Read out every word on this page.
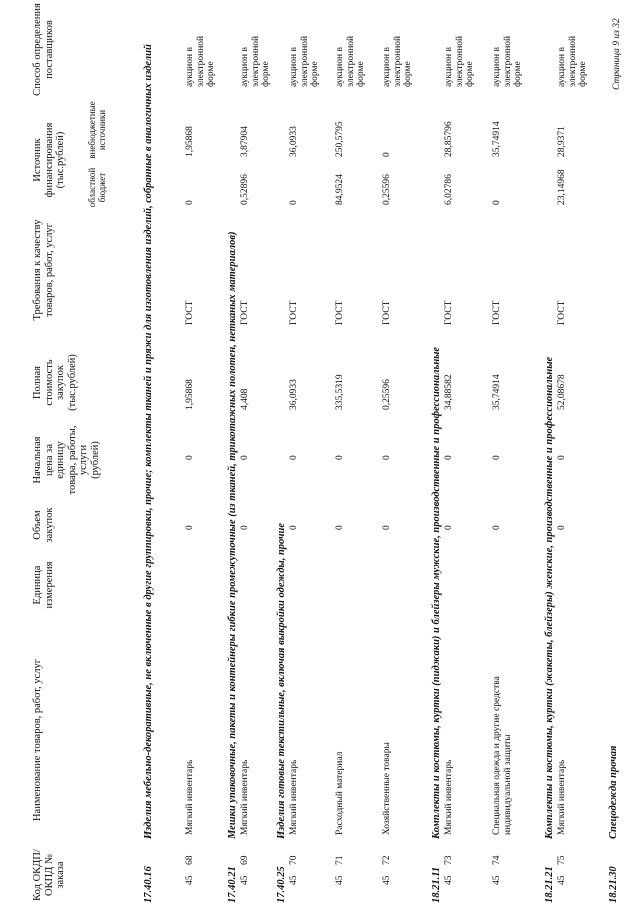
Код ОКДП/ ОКПД № заказа
Наименование товаров, работ, услуг
Единица измерения
Объем закупок
Начальная цена за единицу товара, работы, услуги (рублей)
Полная стоимость закупок (тыс.рублей)
Требования к качеству товаров, работ, услуг
Источник финансирования (тыс.рублей) областной бюджет
внебюджетные источники
Способ определения поставщиков
17.40.16Изделия мебельно-декоративные, не включенные в другие группировки, прочие; комплекты тканей и пряжи для изготовления изделий, собранные в аналогичных изделий
45
68
Мягкий инвентарь
0
0
1,95868
ГОСТ
0
1,95868
аукцион в электронной форме
17.40.21Мешки упаковочные, пакеты и контейнеры гибкие промежуточные (из тканей, трикотажных полотен, нетканых материалов)
45
69
Мягкий инвентарь
0
0
4,408
ГОСТ
0,52896
3,87904
аукцион в электронной форме
17.40.25Изделия готовые текстильные, включая выкройки одежды, прочие
45
70
Мягкий инвентарь
0
0
36,0933
ГОСТ
0
36,0933
аукцион в электронной форме
45
71
Расходный материал
0
0
335,5319
ГОСТ
84,9524
250,5795
аукцион в электронной форме
45
72
Хозяйственные товары
0
0
0,25596
ГОСТ
0,25596
0
аукцион в электронной форме
18.21.11Комплекты и костюмы, куртки (пиджаки) и блейзеры мужские, производственные и профессиональные
45
73
Мягкий инвентарь
0
0
34,88582
ГОСТ
6,02786
28,85796
аукцион в электронной форме
45
74
Специальная одежда и другие средства индивидуальной защиты
0
0
35,74914
ГОСТ
0
35,74914
аукцион в электронной форме
18.21.21Комплекты и костюмы, куртки (жакеты, блейзеры) женские, производственные и профессиональные
45
75
Мягкий инвентарь
0
0
52,08678
ГОСТ
23,14968
28,9371
аукцион в электронной форме
18.21.30Спецодежда прочая
Страница 9 из 32
